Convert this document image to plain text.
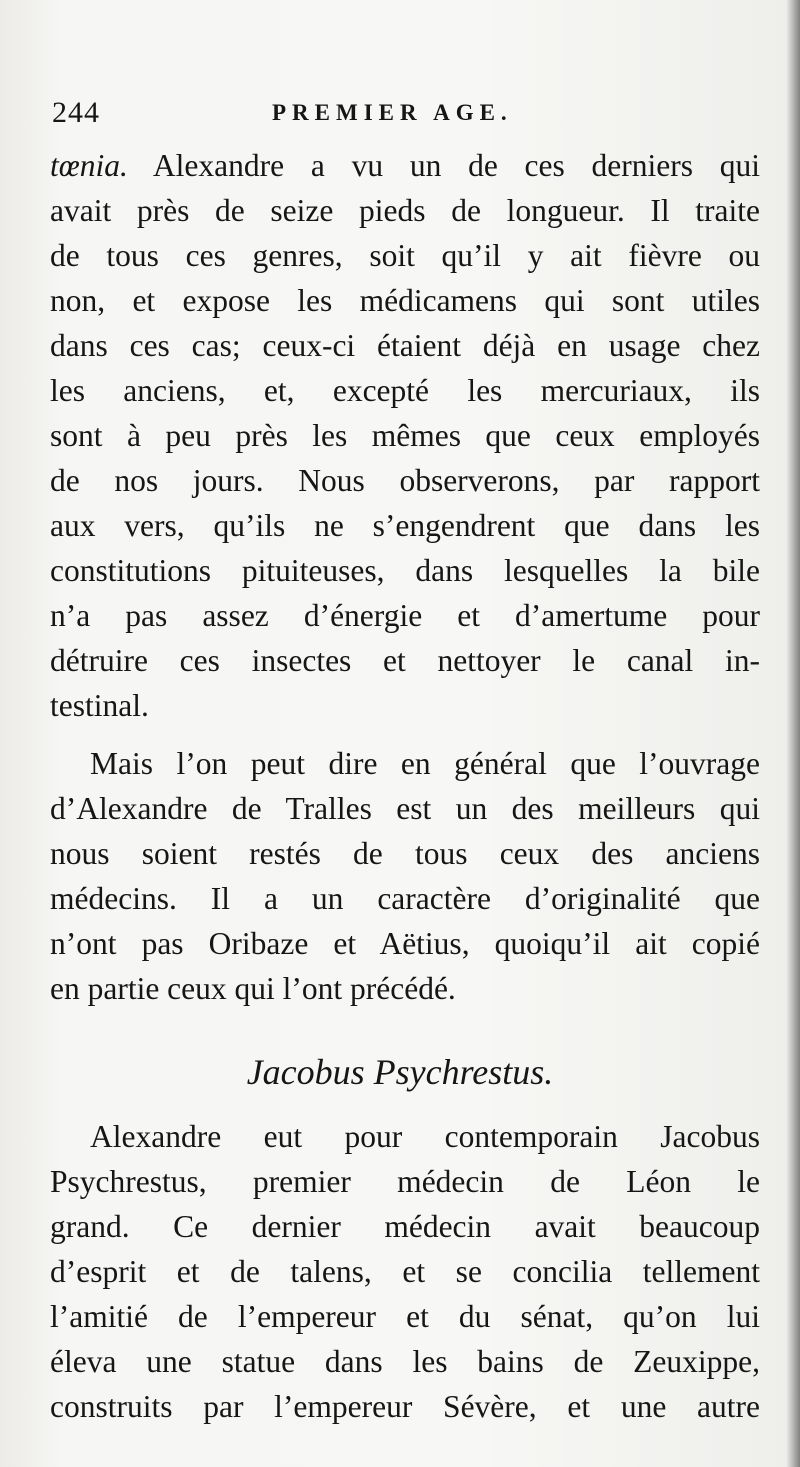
244	PREMIER AGE.
tœnia. Alexandre a vu un de ces derniers qui
avait près de seize pieds de longueur. Il traite
de tous ces genres, soit qu’il y ait fièvre ou
non, et expose les médicamens qui sont utiles
dans ces cas; ceux-ci étaient déjà en usage chez
les anciens, et, excepté les mercuriaux, ils
sont à peu près les mêmes que ceux employés
de nos jours. Nous observerons, par rapport
aux vers, qu’ils ne s’engendrent que dans les
constitutions pituiteuses, dans lesquelles la bile
n’a pas assez d’énergie et d’amertume pour
détruire ces insectes et nettoyer le canal in-
testinal.
Mais l’on peut dire en général que l’ouvrage
d’Alexandre de Tralles est un des meilleurs qui
nous soient restés de tous ceux des anciens
médecins. Il a un caractère d’originalité que
n’ont pas Oribaze et Aëtius, quoiqu’il ait copié
en partie ceux qui l’ont précédé.
Jacobus Psychrestus.
Alexandre eut pour contemporain Jacobus
Psychrestus, premier médecin de Léon le
grand. Ce dernier médecin avait beaucoup
d’esprit et de talens, et se concilia tellement
l’amitié de l’empereur et du sénat, qu’on lui
éleva une statue dans les bains de Zeuxippe,
construits par l’empereur Sévère, et une autre
